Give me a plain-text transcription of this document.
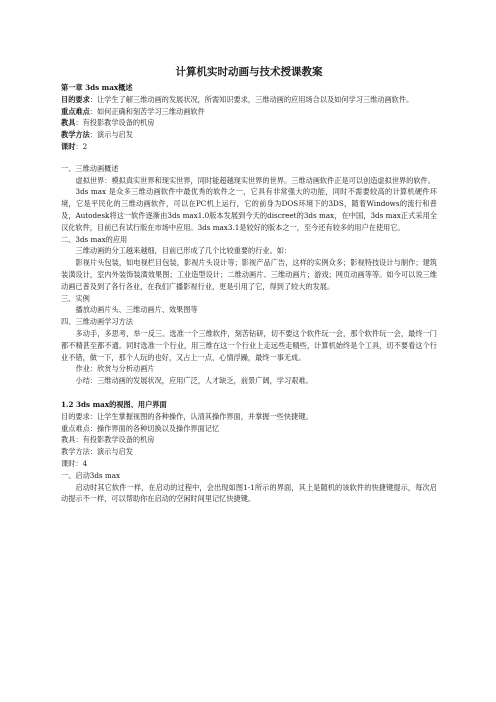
计算机实时动画与技术授课教案

第一章 3ds max概述

目的要求：让学生了解三维动画的发展状况，所需知识要求，三维动画的应用场合以及如何学习三维动画软件。

重点难点：如何正确和刻苦学习三维动画软件

教具：有投影教学设备的机房

教学方法：演示与启发

课时：2

一、三维动画概述

虚拟世界：模拟真实世界和现实世界，同时能超越现实世界的世界。三维动画软件正是可以创造虚拟世界的软件。

3ds max 是众多三维动画软件中最优秀的软件之一，它具有非常强大的功能，同时不需要较高的计算机硬件环境，它是平民化的三维动画软件，可以在PC机上运行，它的前身为DOS环境下的3DS，随着Windows的流行和普及，Autodesk将这一软件逐渐由3ds max1.0版本发展到今天的discreet的3ds max，在中国，3ds max正式采用全汉化软件，目前已有试行版在市场中应用。3ds max3.1是较好的版本之一，至今还有较多的用户在使用它。

二、3ds max的应用

三维动画的分工越来越细，目前已形成了几个比较重要的行业。如：

影视片头包装，如电视栏目包装，影视片头设计等；影视产品广告，这样的实例众多；影视特技设计与制作；建筑装潢设计，室内外装饰装潢效果图；工业造型设计；二维动画片、三维动画片；游戏；网页动画等等。如今可以说三维动画已普及到了各行各业，在我们广播影视行业，更是引用了它，得到了较大的发展。

三、实例

播放动画片头、三维动画片、效果图等

四、三维动画学习方法

多动手，多思考，举一反三。选准一个三维软件，刻苦钻研，切不要这个软件玩一会，那个软件玩一会，最终一门都不精甚至都不通。同时选准一个行业，用三维在这一个行业上走远些走精些，计算机始终是个工具，切不要看这个行业不错，做一下，那个人玩的也好，又占上一点，心情浮躁，最终一事无成。

作业：欣赏与分析动画片

小结：三维动画的发展状况，应用广泛，人才缺乏，前景广阔，学习艰难。

1.2 3ds max的视图、用户界面

目的要求：让学生掌握视图的各种操作，认清其操作界面，并掌握一些快捷键。

重点难点：操作界面的各种切换以及操作界面记忆

教具：有投影教学设备的机房

教学方法：演示与启发

课时：4

一、启动3ds max

启动时其它软件一样，在启动的过程中，会出现如图1-1所示的界面，其上是随机的该软件的快捷键提示，每次启动提示不一样，可以帮助你在启动的空闲时间里记忆快捷键。
